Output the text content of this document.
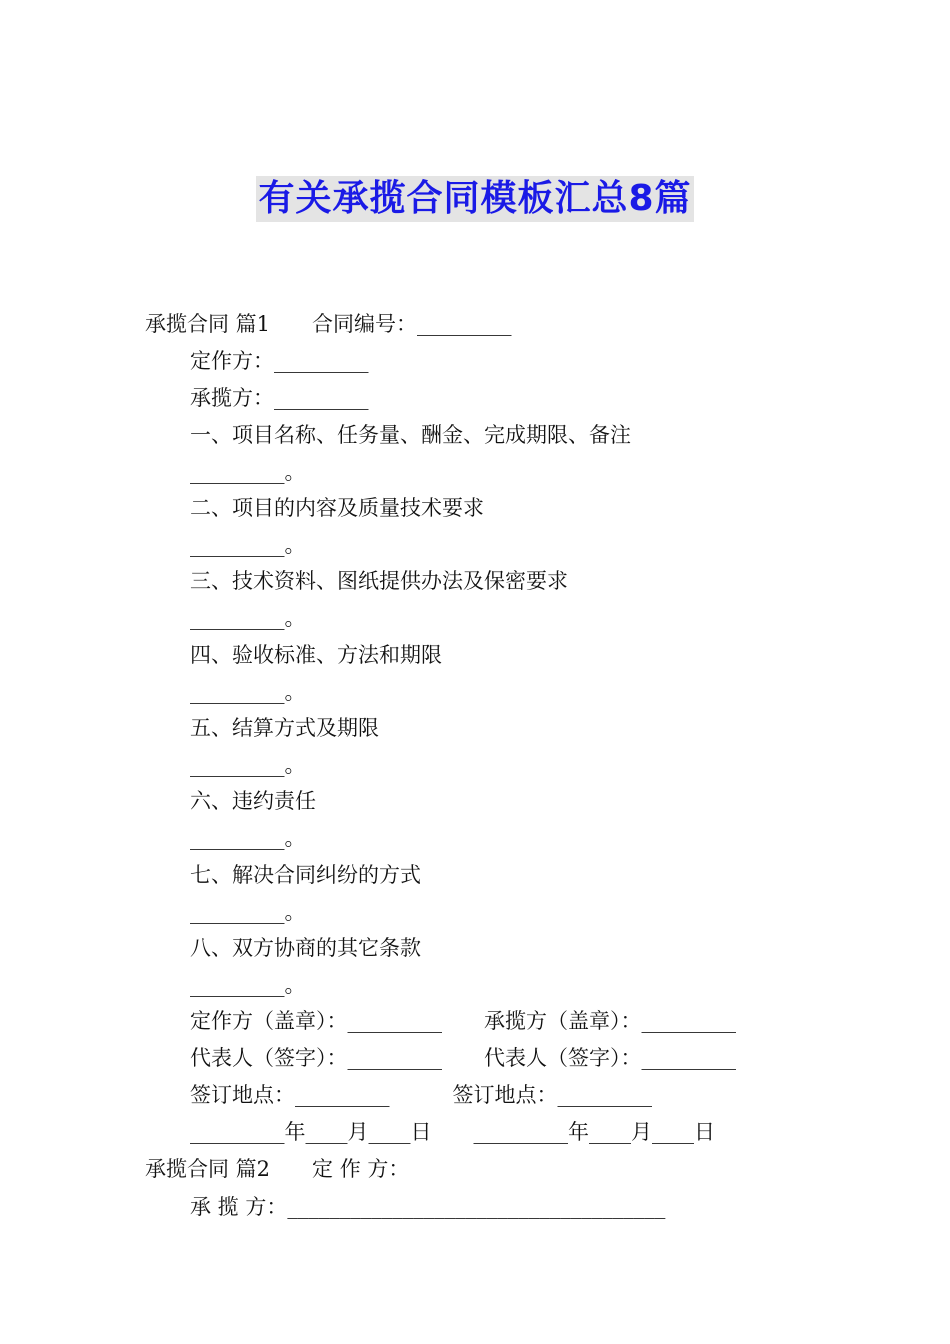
有关承揽合同模板汇总8篇
承揽合同 篇1　　合同编号：_________
定作方：_________
承揽方：_________
一、项目名称、任务量、酬金、完成期限、备注
_________。
二、项目的内容及质量技术要求
_________。
三、技术资料、图纸提供办法及保密要求
_________。
四、验收标准、方法和期限
_________。
五、结算方式及期限
_________。
六、违约责任
_________。
七、解决合同纠纷的方式
_________。
八、双方协商的其它条款
_________。
定作方（盖章）：_________　　承揽方（盖章）：_________
代表人（签字）：_________　　代表人（签字）：_________
签订地点：_________　　　签订地点：_________
_________年____月____日　　_________年____月____日
承揽合同 篇2　　定 作 方：
承 揽 方：____________________________________
